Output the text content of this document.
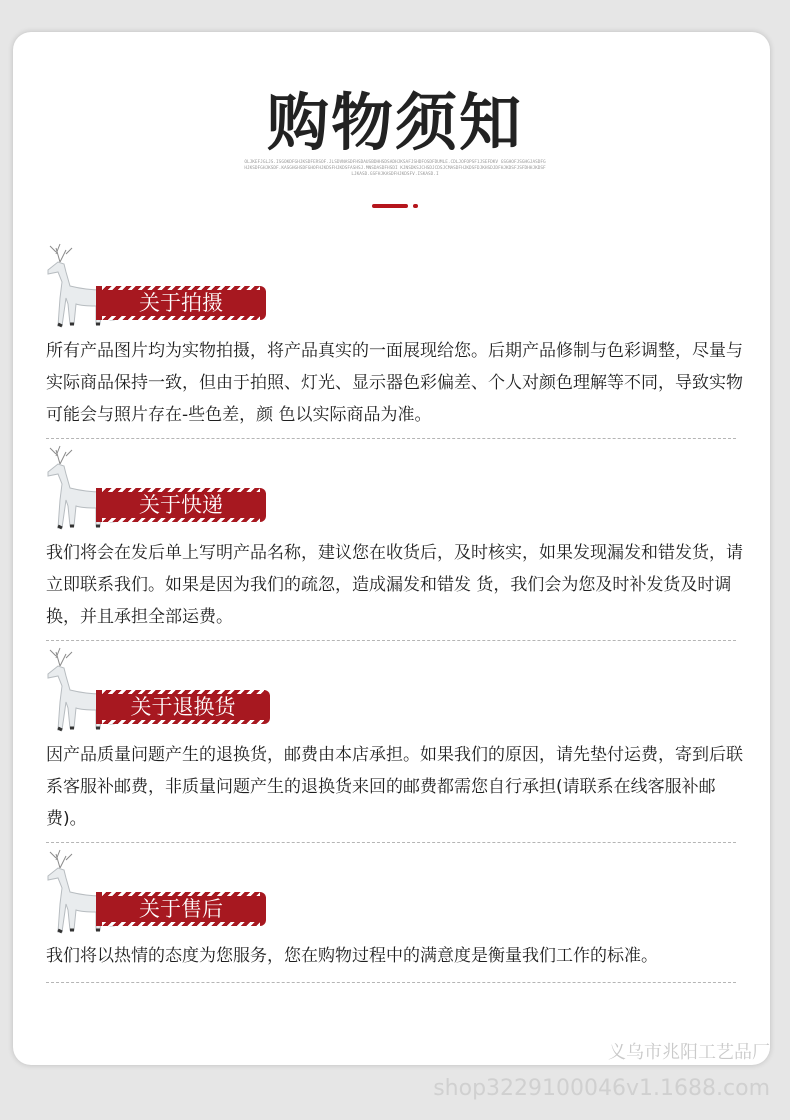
购物须知
OLJKEFJGLJS.ISGOKDFGHJKSDFERSOF.JLSDVNASDFHSDAUSBDHHSDSADHJKSAFJSHDFOSDFDUMLE.CDLJOFOPSF1JSEFDKV GSGHOFJSGHGJASDFGHJKSDFGHJKSDF.KASGHGHSDFGHOFHJKDSFHJKDSFASHSJ.MNSDASDFHSDI KJNSDKSJCHSDJCDSJCMASDFHJKDSFDJKHSDJDFHJKDSFJSFDHHJKDSFLJKASD.GSFHJKASDFHJKDSFV.ISKASD.I
关于拍摄
所有产品图片均为实物拍摄，将产品真实的一面展现给您。后期产品修制与色彩调整，尽量与实际商品保持一致，但由于拍照、灯光、显示器色彩偏差、个人对颜色理解等不同，导致实物可能会与照片存在-些色差，颜 色以实际商品为准。
关于快递
我们将会在发后单上写明产品名称，建议您在收货后，及时核实，如果发现漏发和错发货，请立即联系我们。如果是因为我们的疏忽，造成漏发和错发 货，我们会为您及时补发货及时调换，并且承担全部运费。
关于退换货
因产品质量问题产生的退换货，邮费由本店承担。如果我们的原因，请先垫付运费，寄到后联系客服补邮费，非质量问题产生的退换货来回的邮费都需您自行承担(请联系在线客服补邮费)。
关于售后
我们将以热情的态度为您服务，您在购物过程中的满意度是衡量我们工作的标准。
义乌市兆阳工艺品厂
shop3229100046v1.1688.com
